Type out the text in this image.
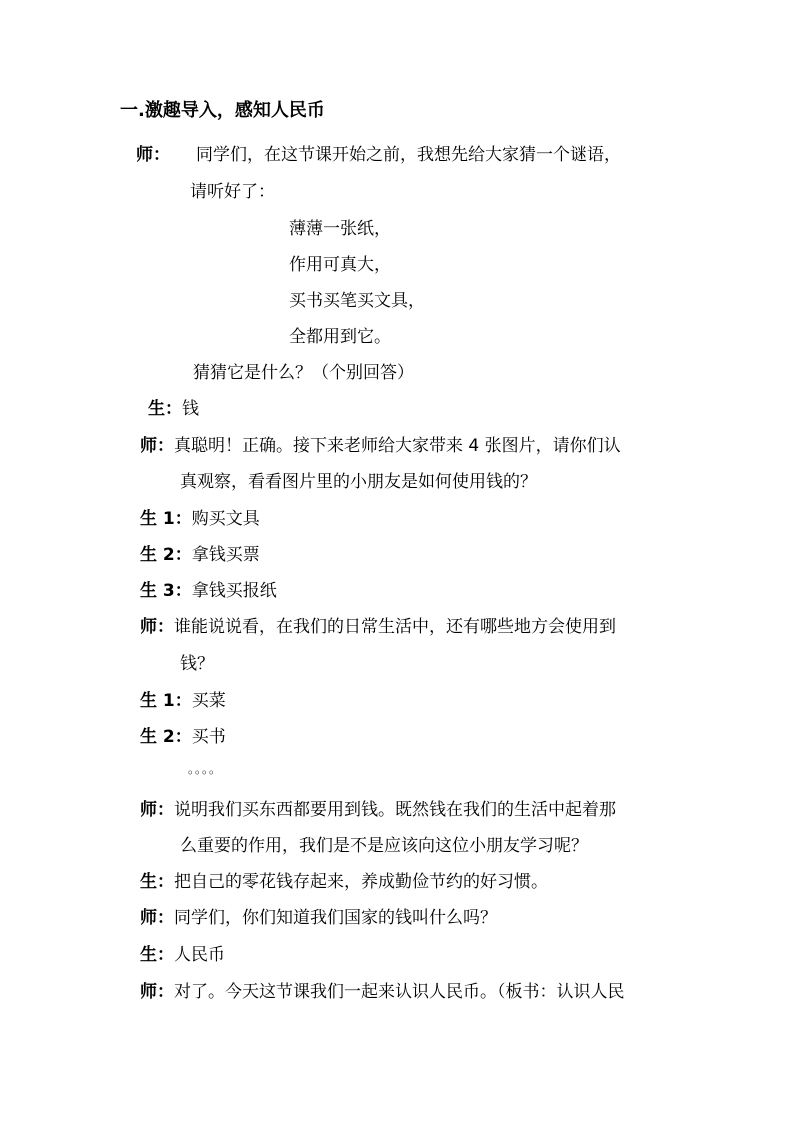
一.激趣导入，感知人民币
师： 同学们，在这节课开始之前，我想先给大家猜一个谜语，
请听好了：
薄薄一张纸，
作用可真大，
买书买笔买文具，
全都用到它。
猜猜它是什么？（个别回答）
生：钱
师：真聪明！正确。接下来老师给大家带来 4 张图片，请你们认
真观察，看看图片里的小朋友是如何使用钱的？
生 1：购买文具
生 2：拿钱买票
生 3：拿钱买报纸
师：谁能说说看，在我们的日常生活中，还有哪些地方会使用到
钱？
生 1：买菜
生 2：买书
。。。。
师：说明我们买东西都要用到钱。既然钱在我们的生活中起着那
么重要的作用，我们是不是应该向这位小朋友学习呢？
生：把自己的零花钱存起来，养成勤俭节约的好习惯。
师：同学们，你们知道我们国家的钱叫什么吗？
生：人民币
师：对了。今天这节课我们一起来认识人民币。（板书：认识人民
